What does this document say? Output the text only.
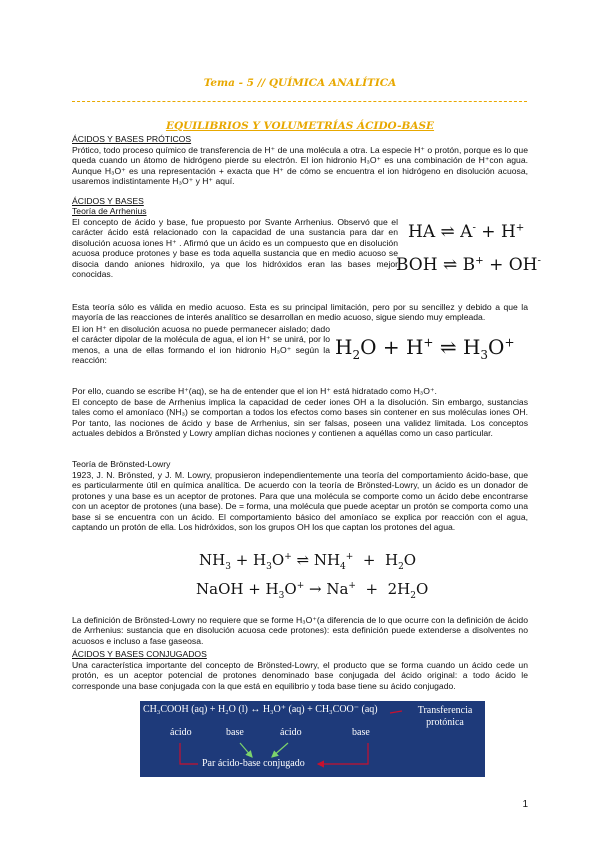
Tema - 5 // QUÍMICA ANALÍTICA
EQUILIBRIOS Y VOLUMETRÍAS ÁCIDO-BASE

ÁCIDOS Y BASES PRÓTICOS

Prótico, todo proceso químico de transferencia de H⁺ de una molécula a otra. La especie H⁺ o protón, porque es lo que queda cuando un átomo de hidrógeno pierde su electrón. El ion hidronio H₃O⁺ es una combinación de H⁺con agua. Aunque H₃O⁺ es una representación + exacta que H⁺ de cómo se encuentra el ion hidrógeno en disolución acuosa, usaremos indistintamente H₃O⁺ y H⁺ aquí.

ÁCIDOS Y BASES

Teoría de Arrhenius

El concepto de ácido y base, fue propuesto por Svante Arrhenius. Observó que el carácter ácido está relacionado con la capacidad de una sustancia para dar en disolución acuosa iones H⁺ . Afirmó que un ácido es un compuesto que en disolución acuosa produce protones y base es toda aquella sustancia que en medio acuoso se disocia dando aniones hidroxilo, ya que los hidróxidos eran las bases mejor conocidas.

HA ⇌ A- + H+
BOH ⇌ B+ + OH-

Esta teoría sólo es válida en medio acuoso. Esta es su principal limitación, pero por su sencillez y debido a que la mayoría de las reacciones de interés analítico se desarrollan en medio acuoso, sigue siendo muy empleada.

El ion H⁺ en disolución acuosa no puede permanecer aislado; dado el carácter dipolar de la molécula de agua, el ion H⁺ se unirá, por lo menos, a una de ellas formando el ion hidronio H₃O⁺ según la reacción:

$H_2O + H^+$ ⇌ $H_3O^+$

Por ello, cuando se escribe H⁺(aq), se ha de entender que el ion H⁺ está hidratado como H₃O⁺.

El concepto de base de Arrhenius implica la capacidad de ceder iones OH a la disolución. Sin embargo, sustancias tales como el amoníaco (NH₃) se comportan a todos los efectos como bases sin contener en sus moléculas iones OH. Por tanto, las nociones de ácido y base de Arrhenius, sin ser falsas, poseen una validez limitada. Los conceptos actuales debidos a Brönsted y Lowry amplían dichas nociones y contienen a aquéllas como un caso particular.

Teoría de Brönsted-Lowry

1923, J. N. Brönsted, y J. M. Lowry, propusieron independientemente una teoría del comportamiento ácido-base, que es particularmente útil en química analítica. De acuerdo con la teoría de Brönsted-Lowry, un ácido es un donador de protones y una base es un aceptor de protones. Para que una molécula se comporte como un ácido debe encontrarse con un aceptor de protones (una base). De = forma, una molécula que puede aceptar un protón se comporta como una base si se encuentra con un ácido. El comportamiento básico del amoníaco se explica por reacción con el agua, captando un protón de ella. Los hidróxidos, son los grupos OH los que captan los protones del agua.

$NH_3 + H_3O^+$ ⇌ $NH_4^+ + H_2O$
NaOH + $H_3O^+ \to Na^+ + 2H_2O$

La definición de Brönsted-Lowry no requiere que se forme H₃O⁺(a diferencia de lo que ocurre con la definición de ácido de Arrhenius: sustancia que en disolución acuosa cede protones): esta definición puede extenderse a disolventes no acuosos e incluso a fase gaseosa.

ÁCIDOS Y BASES CONJUGADOS

Una característica importante del concepto de Brönsted-Lowry, el producto que se forma cuando un ácido cede un protón, es un aceptor potencial de protones denominado base conjugada del ácido original: a todo ácido le corresponde una base conjugada con la que está en equilibrio y toda base tiene su ácido conjugado.

CH₃COOH (aq) + H₂O (l) ↔ H₃O⁺ (aq) + CH₃COO⁻ (aq)	Transferencia protónica
ácido	base	ácido	base
Par ácido-base conjugado
1
